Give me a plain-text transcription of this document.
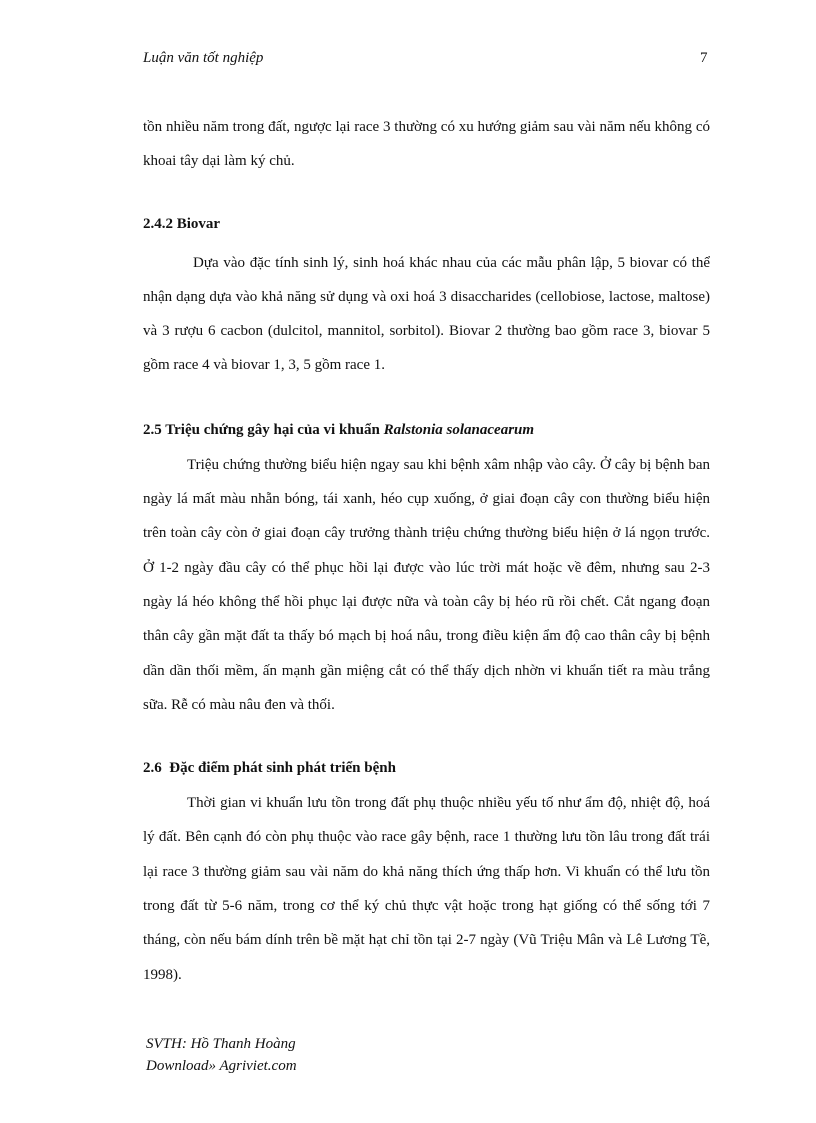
Luận văn tốt nghiệp	7

tồn nhiều năm trong đất, ngược lại race 3 thường có xu hướng giảm sau vài năm nếu không có khoai tây dại làm ký chủ.

2.4.2 Biovar

Dựa vào đặc tính sinh lý, sinh hoá khác nhau của các mẫu phân lập, 5 biovar có thể nhận dạng dựa vào khả năng sử dụng và oxi hoá 3 disaccharides (cellobiose, lactose, maltose) và 3 rượu 6 cacbon (dulcitol, mannitol, sorbitol). Biovar 2 thường bao gồm race 3, biovar 5 gồm race 4 và biovar 1, 3, 5 gồm race 1.

2.5 Triệu chứng gây hại của vi khuẩn Ralstonia solanacearum

Triệu chứng thường biểu hiện ngay sau khi bệnh xâm nhập vào cây. Ở cây bị bệnh ban ngày lá mất màu nhẵn bóng, tái xanh, héo cụp xuống, ở giai đoạn cây con thường biểu hiện trên toàn cây còn ở giai đoạn cây trưởng thành triệu chứng thường biểu hiện ở lá ngọn trước. Ở 1-2 ngày đầu cây có thể phục hồi lại được vào lúc trời mát hoặc về đêm, nhưng sau 2-3 ngày lá héo không thể hồi phục lại được nữa và toàn cây bị héo rũ rồi chết. Cắt ngang đoạn thân cây gần mặt đất ta thấy bó mạch bị hoá nâu, trong điều kiện ẩm độ cao thân cây bị bệnh dần dần thối mềm, ấn mạnh gần miệng cắt có thể thấy dịch nhờn vi khuẩn tiết ra màu trắng sữa. Rễ có màu nâu đen và thối.

2.6  Đặc điểm phát sinh phát triển bệnh

Thời gian vi khuẩn lưu tồn trong đất phụ thuộc nhiều yếu tố như ẩm độ, nhiệt độ, hoá lý đất. Bên cạnh đó còn phụ thuộc vào race gây bệnh, race 1 thường lưu tồn lâu trong đất trái lại race 3 thường giảm sau vài năm do khả năng thích ứng thấp hơn. Vi khuẩn có thể lưu tồn trong đất từ 5-6 năm, trong cơ thể ký chủ thực vật hoặc trong hạt giống có thể sống tới 7 tháng, còn nếu bám dính trên bề mặt hạt chỉ tồn tại 2-7 ngày (Vũ Triệu Mân và Lê Lương Tề, 1998).

SVTH: Hồ Thanh Hoàng
Download» Agriviet.com
